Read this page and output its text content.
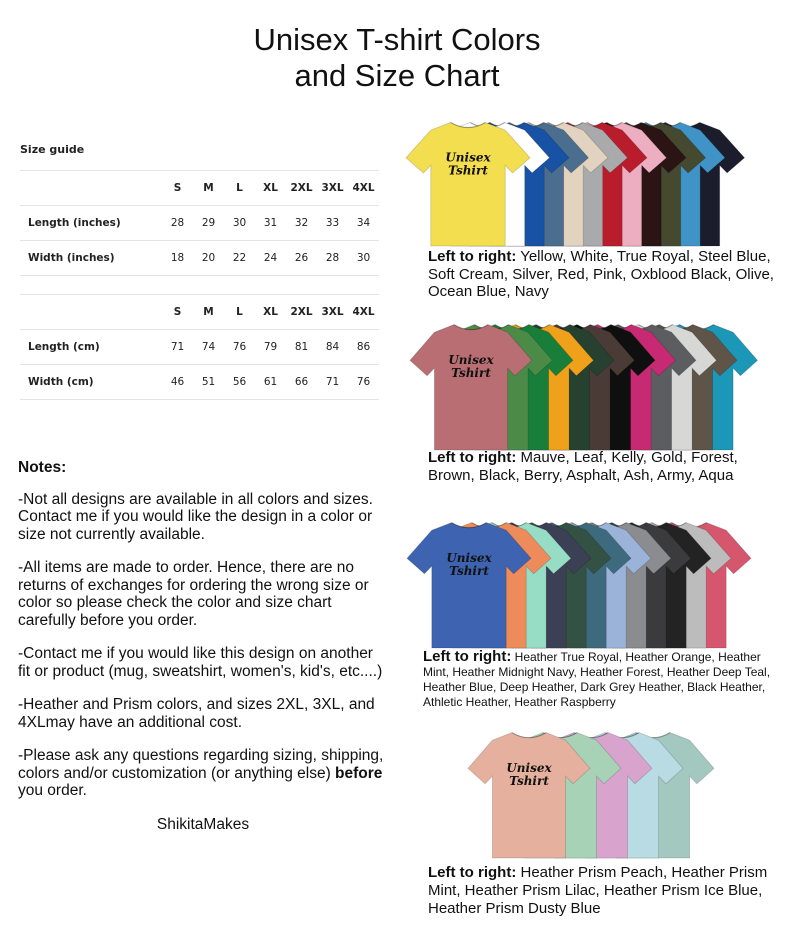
Unisex T-shirt Colors
and Size Chart
Size guide
	S	M	L	XL	2XL	3XL	4XL
Length (inches)	28	29	30	31	32	33	34
Width (inches)	18	20	22	24	26	28	30
	S	M	L	XL	2XL	3XL	4XL
Length (cm)	71	74	76	79	81	84	86
Width (cm)	46	51	56	61	66	71	76

Notes:

-Not all designs are available in all colors and sizes. Contact me if you would like the design in a color or size not currently available.

-All items are made to order. Hence, there are no returns of exchanges for ordering the wrong size or color so please check the color and size chart carefully before you order.

-Contact me if you would like this design on another fit or product (mug, sweatshirt, women's, kid's, etc....)

-Heather and Prism colors, and sizes 2XL, 3XL, and 4XLmay have an additional cost.

-Please ask any questions regarding sizing, shipping, colors and/or customization (or anything else) before you order.

ShikitaMakes

Unisex
Tshirt
Left to right: Yellow, White, True Royal, Steel Blue, Soft Cream, Silver, Red, Pink, Oxblood Black, Olive, Ocean Blue, Navy
Unisex
Tshirt
Left to right: Mauve, Leaf, Kelly, Gold, Forest, Brown, Black, Berry, Asphalt, Ash, Army, Aqua
Unisex
Tshirt
Left to right: Heather True Royal, Heather Orange, Heather Mint, Heather Midnight Navy, Heather Forest, Heather Deep Teal, Heather Blue, Deep Heather, Dark Grey Heather, Black Heather, Athletic Heather, Heather Raspberry
Unisex
Tshirt
Left to right: Heather Prism Peach, Heather Prism Mint, Heather Prism Lilac, Heather Prism Ice Blue, Heather Prism Dusty Blue
